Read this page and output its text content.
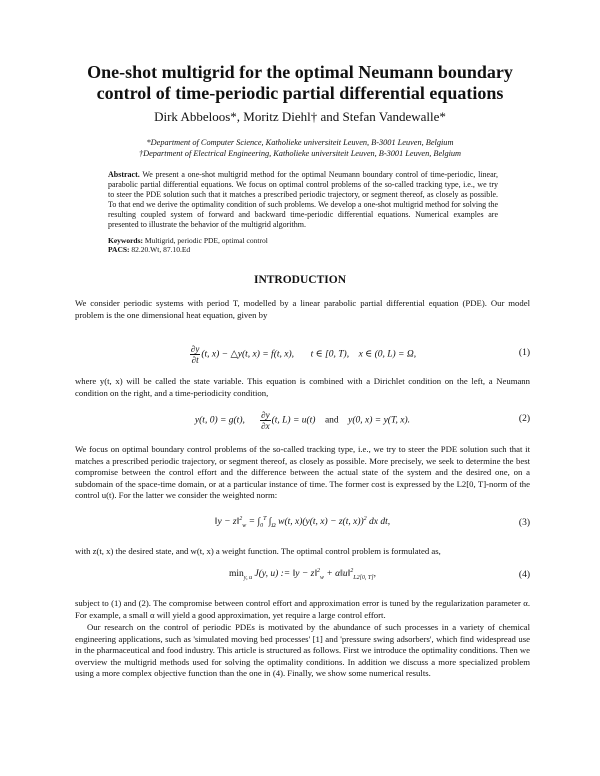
One-shot multigrid for the optimal Neumann boundary
control of time-periodic partial differential equations
Dirk Abbeloos*, Moritz Diehl† and Stefan Vandewalle*
*Department of Computer Science, Katholieke universiteit Leuven, B-3001 Leuven, Belgium
†Department of Electrical Engineering, Katholieke universiteit Leuven, B-3001 Leuven, Belgium
Abstract. We present a one-shot multigrid method for the optimal Neumann boundary control of time-periodic, linear, parabolic partial differential equations. We focus on optimal control problems of the so-called tracking type, i.e., we try to steer the PDE solution such that it matches a prescribed periodic trajectory, or segment thereof, as closely as possible. To that end we derive the optimality condition of such problems. We develop a one-shot multigrid method for solving the resulting coupled system of forward and backward time-periodic differential equations. Numerical examples are presented to illustrate the behavior of the multigrid algorithm.
Keywords: Multigrid, periodic PDE, optimal control
PACS: 82.20.Wt, 87.10.Ed
INTRODUCTION
We consider periodic systems with period T, modelled by a linear parabolic partial differential equation (PDE). Our model problem is the one dimensional heat equation, given by
$\frac{\partial y}{\partial t} (t$, x) − △y(t, x) = f(t, x),       t ∈ [0, T),    x ∈ (0, L) = Ω,	(1)
where y(t, x) will be called the state variable. This equation is combined with a Dirichlet condition on the left, a Neumann condition on the right, and a time-periodicity condition,
y(t, 0) = g(t), $\frac{\partial y}{\partial x} (t$, L) = u(t)    and    y(0, x) = y(T, x).	(2)
We focus on optimal boundary control problems of the so-called tracking type, i.e., we try to steer the PDE solution such that it matches a prescribed periodic trajectory, or segment thereof, as closely as possible. More precisely, we seek to determine the best compromise between the control effort and the difference between the actual state of the system and the desired one, on a subdomain of the space-time domain, or at a particular instance of time. The former cost is expressed by the L2[0, T]-norm of the control u(t). For the latter we consider the weighted norm:
‖y − z‖$^2_w$ = $\int_0^T$ $\int_\Omega$ w(t, x)(y(t, x) − z(t, x))$^2$ dx dt,	(3)
with z(t, x) the desired state, and w(t, x) a weight function. The optimal control problem is formulated as,
$\min_{y, u} J(y$, u) := ‖y − z‖$^2_w$ + α‖u‖$^2_{L2[0, T]}$,	(4)
subject to (1) and (2). The compromise between control effort and approximation error is tuned by the regularization parameter α. For example, a small α will yield a good approximation, yet require a large control effort.
Our research on the control of periodic PDEs is motivated by the abundance of such processes in a variety of chemical engineering applications, such as 'simulated moving bed processes' [1] and 'pressure swing adsorbers', which find widespread use in the pharmaceutical and food industry. This article is structured as follows. First we introduce the optimality conditions. Then we overview the multigrid methods used for solving the optimality conditions. In addition we discuss a more specialized problem using a more complex objective function than the one in (4). Finally, we show some numerical results.
